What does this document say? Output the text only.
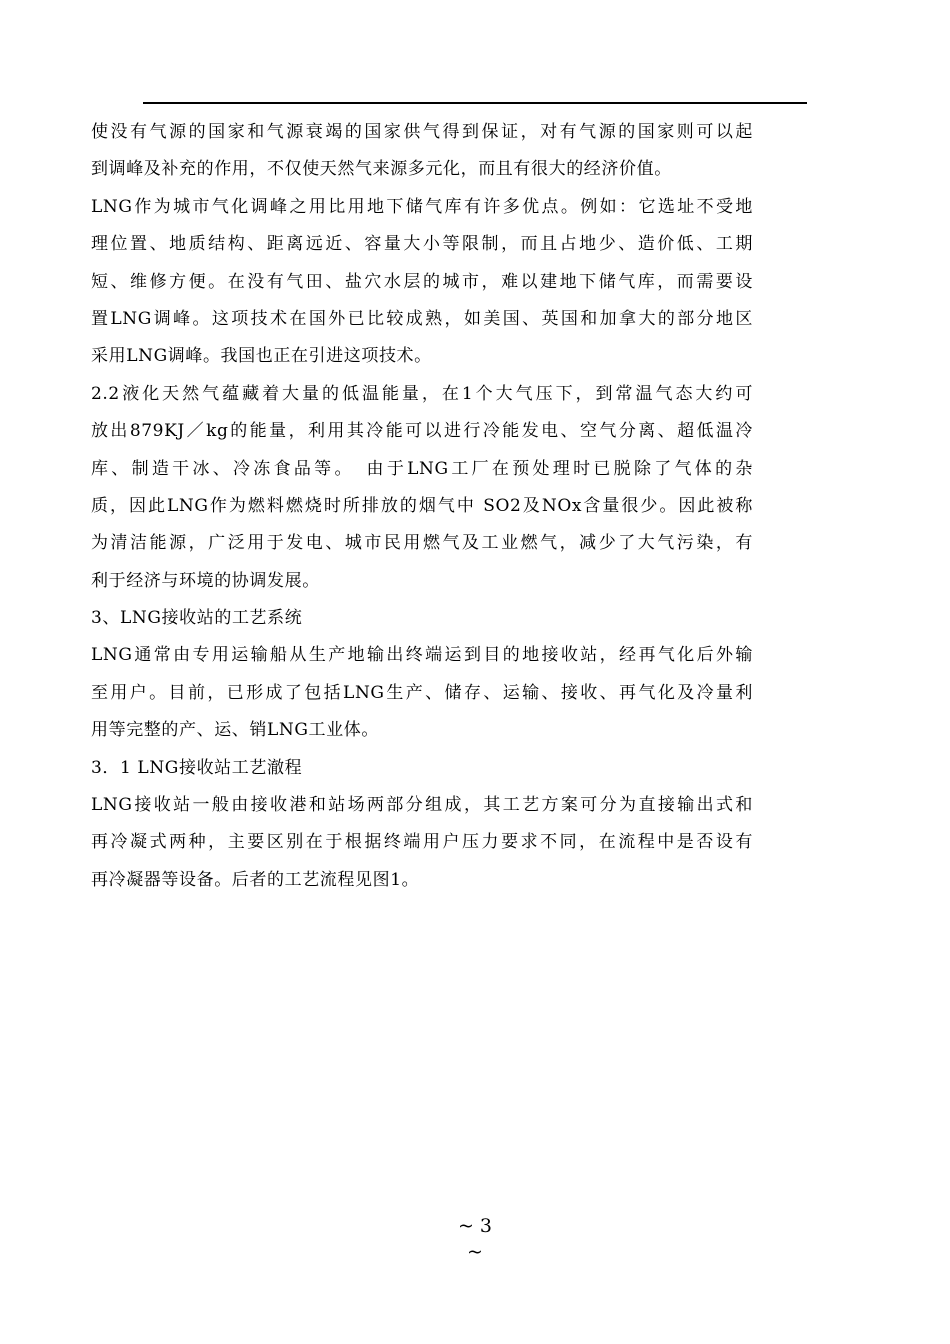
使没有气源的国家和气源衰竭的国家供气得到保证，对有气源的国家则可以起
到调峰及补充的作用，不仅使天然气来源多元化，而且有很大的经济价值。
LNG作为城市气化调峰之用比用地下储气库有许多优点。例如：它选址不受地
理位置、地质结构、距离远近、容量大小等限制，而且占地少、造价低、工期
短、维修方便。在没有气田、盐穴水层的城市，难以建地下储气库，而需要设
置LNG调峰。这项技术在国外已比较成熟，如美国、英国和加拿大的部分地区
采用LNG调峰。我国也正在引进这项技术。
2.2液化天然气蕴藏着大量的低温能量，在1个大气压下，到常温气态大约可
放出879KJ／kg的能量，利用其冷能可以进行冷能发电、空气分离、超低温冷
库、制造干冰、冷冻食品等。　由于LNG工厂在预处理时已脱除了气体的杂
质，因此LNG作为燃料燃烧时所排放的烟气中 SO2及NOx含量很少。因此被称
为清洁能源，广泛用于发电、城市民用燃气及工业燃气，减少了大气污染，有
利于经济与环境的协调发展。
3、LNG接收站的工艺系统
LNG通常由专用运输船从生产地输出终端运到目的地接收站，经再气化后外输
至用户。目前，已形成了包括LNG生产、储存、运输、接收、再气化及冷量利
用等完整的产、运、销LNG工业体。
3．1 LNG接收站工艺澈程
LNG接收站一般由接收港和站场两部分组成，其工艺方案可分为直接输出式和
再冷凝式两种，主要区别在于根据终端用户压力要求不同，在流程中是否设有
再冷凝器等设备。后者的工艺流程见图1。
~ 3
~
